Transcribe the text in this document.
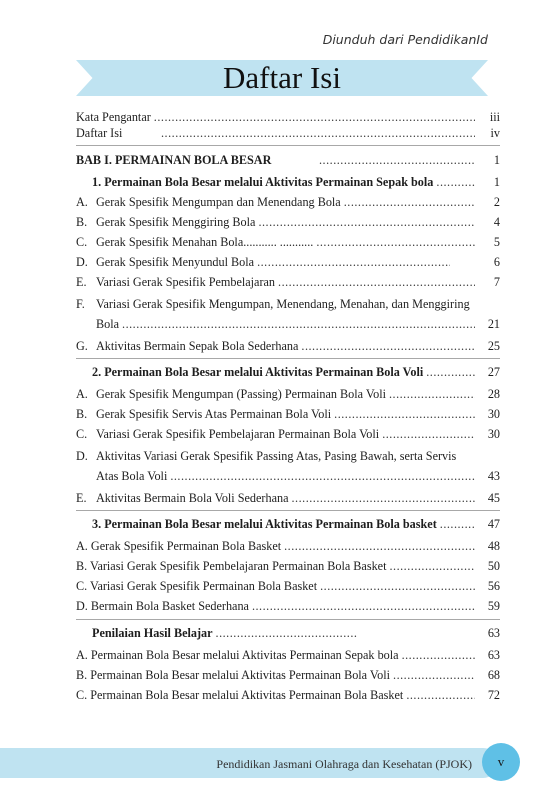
Diunduh dari PendidikanId
Daftar Isi
Kata Pengantar .....	iii
Daftar Isi .....	iv
BAB I. PERMAINAN BOLA BESAR .....	1
1. Permainan Bola Besar melalui Aktivitas Permainan Sepak bola .....	1
A. Gerak Spesifik Mengumpan dan Menendang Bola .....	2
B. Gerak Spesifik Menggiring Bola .....	4
C. Gerak Spesifik Menahan Bola........... ........... .....	5
D. Gerak Spesifik Menyundul Bola .....	6
E. Variasi Gerak Spesifik Pembelajaran .....	7
F. Variasi Gerak Spesifik Mengumpan, Menendang, Menahan, dan Menggiring
Bola .....	21
G. Aktivitas Bermain Sepak Bola Sederhana .....	25
2. Permainan Bola Besar melalui Aktivitas Permainan Bola Voli .....	27
A. Gerak Spesifik Mengumpan (Passing) Permainan Bola Voli .....	28
B. Gerak Spesifik Servis Atas Permainan Bola Voli .....	30
C. Variasi Gerak Spesifik Pembelajaran Permainan Bola Voli .....	30
D. Aktivitas Variasi Gerak Spesifik Passing Atas, Pasing Bawah, serta Servis
Atas Bola Voli .....	43
E. Aktivitas Bermain Bola Voli Sederhana .....	45
3. Permainan Bola Besar melalui Aktivitas Permainan Bola basket .....	47
A. Gerak Spesifik Permainan Bola Basket .....	48
B. Variasi Gerak Spesifik Pembelajaran Permainan Bola Basket .....	50
C. Variasi Gerak Spesifik Permainan Bola Basket .....	56
D. Bermain Bola Basket Sederhana .....	59
Penilaian Hasil Belajar .....	63
A. Permainan Bola Besar melalui Aktivitas Permainan Sepak bola .....	63
B. Permainan Bola Besar melalui Aktivitas Permainan Bola Voli .....	68
C. Permainan Bola Besar melalui Aktivitas Permainan Bola Basket .....	72
Pendidikan Jasmani Olahraga dan Kesehatan (PJOK) v
